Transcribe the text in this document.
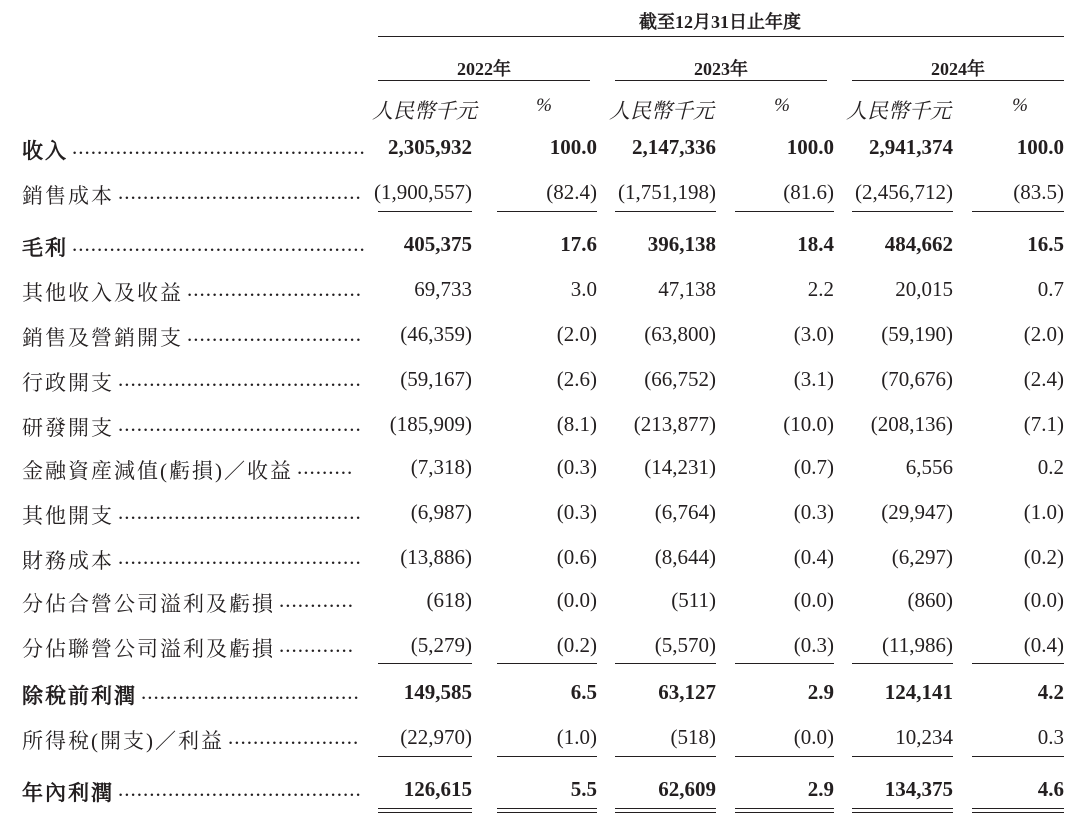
截至12月31日止年度
2022年	2023年	2024年
人民幣千元	%	人民幣千元	%	人民幣千元	%
收入 ...............................................	2,305,932	100.0	2,147,336	100.0	2,941,374	100.0
銷售成本 ....................................... (1,900,557)	(82.4)	(1,751,198)	(81.6)	(2,456,712)	(83.5)
毛利 ...............................................	405,375	17.6	396,138	18.4	484,662	16.5
其他收入及收益 ............................	69,733	3.0	47,138	2.2	20,015	0.7
銷售及營銷開支 ............................	(46,359)	(2.0)	(63,800)	(3.0)	(59,190)	(2.0)
行政開支 .......................................	(59,167)	(2.6)	(66,752)	(3.1)	(70,676)	(2.4)
研發開支 .......................................	(185,909)	(8.1)	(213,877)	(10.0)	(208,136)	(7.1)
金融資産減值(虧損)／收益 .........	(7,318)	(0.3)	(14,231)	(0.7)	6,556	0.2
其他開支 .......................................	(6,987)	(0.3)	(6,764)	(0.3)	(29,947)	(1.0)
財務成本 .......................................	(13,886)	(0.6)	(8,644)	(0.4)	(6,297)	(0.2)
分佔合營公司溢利及虧損 ............	(618)	(0.0)	(511)	(0.0)	(860)	(0.0)
分佔聯營公司溢利及虧損 ............	(5,279)	(0.2)	(5,570)	(0.3)	(11,986)	(0.4)
除稅前利潤 ...................................	149,585	6.5	63,127	2.9	124,141	4.2
所得稅(開支)／利益 .....................	(22,970)	(1.0)	(518)	(0.0)	10,234	0.3
年內利潤 .......................................	126,615	5.5	62,609	2.9	134,375	4.6
